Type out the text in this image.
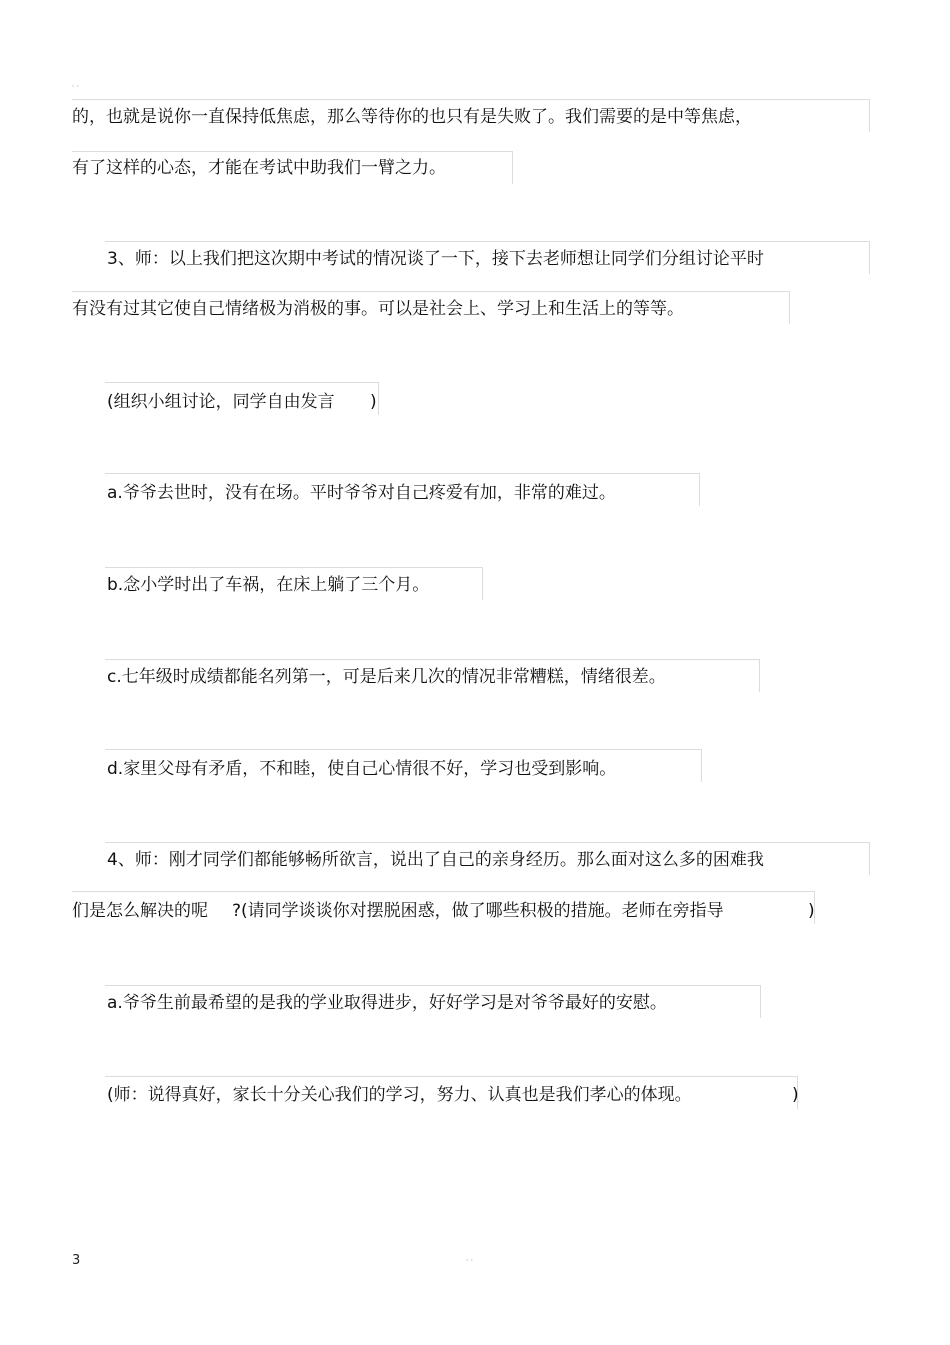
' '
的，也就是说你一直保持低焦虑，那么等待你的也只有是失败了。我们需要的是中等焦虑，
有了这样的心态，才能在考试中助我们一臂之力。
3、师：以上我们把这次期中考试的情况谈了一下，接下去老师想让同学们分组讨论平时
有没有过其它使自己情绪极为消极的事。可以是社会上、学习上和生活上的等等。
(组织小组讨论，同学自由发言 )
a.爷爷去世时，没有在场。平时爷爷对自己疼爱有加，非常的难过。
b.念小学时出了车祸，在床上躺了三个月。
c.七年级时成绩都能名列第一，可是后来几次的情况非常糟糕，情绪很差。
d.家里父母有矛盾，不和睦，使自己心情很不好，学习也受到影响。
4、师：刚才同学们都能够畅所欲言，说出了自己的亲身经历。那么面对这么多的困难我
们是怎么解决的呢 ?(请同学谈谈你对摆脱困惑，做了哪些积极的措施。老师在旁指导	)
a.爷爷生前最希望的是我的学业取得进步，好好学习是对爷爷最好的安慰。
(师：说得真好，家长十分关心我们的学习，努力、认真也是我们孝心的体现。	)
3	' '
